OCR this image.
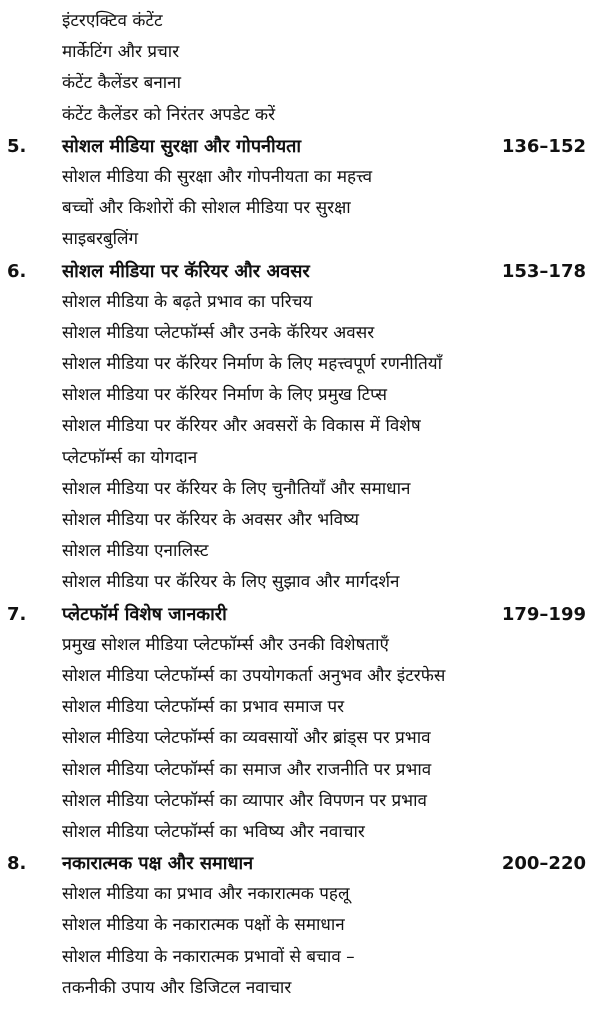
इंटरएक्टिव कंटेंट
मार्केटिंग और प्रचार
कंटेंट कैलेंडर बनाना
कंटेंट कैलेंडर को निरंतर अपडेट करें
5. सोशल मीडिया सुरक्षा और गोपनीयता	136–152
सोशल मीडिया की सुरक्षा और गोपनीयता का महत्त्व
बच्चों और किशोरों की सोशल मीडिया पर सुरक्षा
साइबरबुलिंग
6. सोशल मीडिया पर कॅरियर और अवसर	153–178
सोशल मीडिया के बढ़ते प्रभाव का परिचय
सोशल मीडिया प्लेटफॉर्म्स और उनके कॅरियर अवसर
सोशल मीडिया पर कॅरियर निर्माण के लिए महत्त्वपूर्ण रणनीतियाँ
सोशल मीडिया पर कॅरियर निर्माण के लिए प्रमुख टिप्स
सोशल मीडिया पर कॅरियर और अवसरों के विकास में विशेष
प्लेटफॉर्म्स का योगदान
सोशल मीडिया पर कॅरियर के लिए चुनौतियाँ और समाधान
सोशल मीडिया पर कॅरियर के अवसर और भविष्य
सोशल मीडिया एनालिस्ट
सोशल मीडिया पर कॅरियर के लिए सुझाव और मार्गदर्शन
7. प्लेटफॉर्म विशेष जानकारी	179–199
प्रमुख सोशल मीडिया प्लेटफॉर्म्स और उनकी विशेषताएँ
सोशल मीडिया प्लेटफॉर्म्स का उपयोगकर्ता अनुभव और इंटरफेस
सोशल मीडिया प्लेटफॉर्म्स का प्रभाव समाज पर
सोशल मीडिया प्लेटफॉर्म्स का व्यवसायों और ब्रांड्स पर प्रभाव
सोशल मीडिया प्लेटफॉर्म्स का समाज और राजनीति पर प्रभाव
सोशल मीडिया प्लेटफॉर्म्स का व्यापार और विपणन पर प्रभाव
सोशल मीडिया प्लेटफॉर्म्स का भविष्य और नवाचार
8. नकारात्मक पक्ष और समाधान	200–220
सोशल मीडिया का प्रभाव और नकारात्मक पहलू
सोशल मीडिया के नकारात्मक पक्षों के समाधान
सोशल मीडिया के नकारात्मक प्रभावों से बचाव –
तकनीकी उपाय और डिजिटल नवाचार
